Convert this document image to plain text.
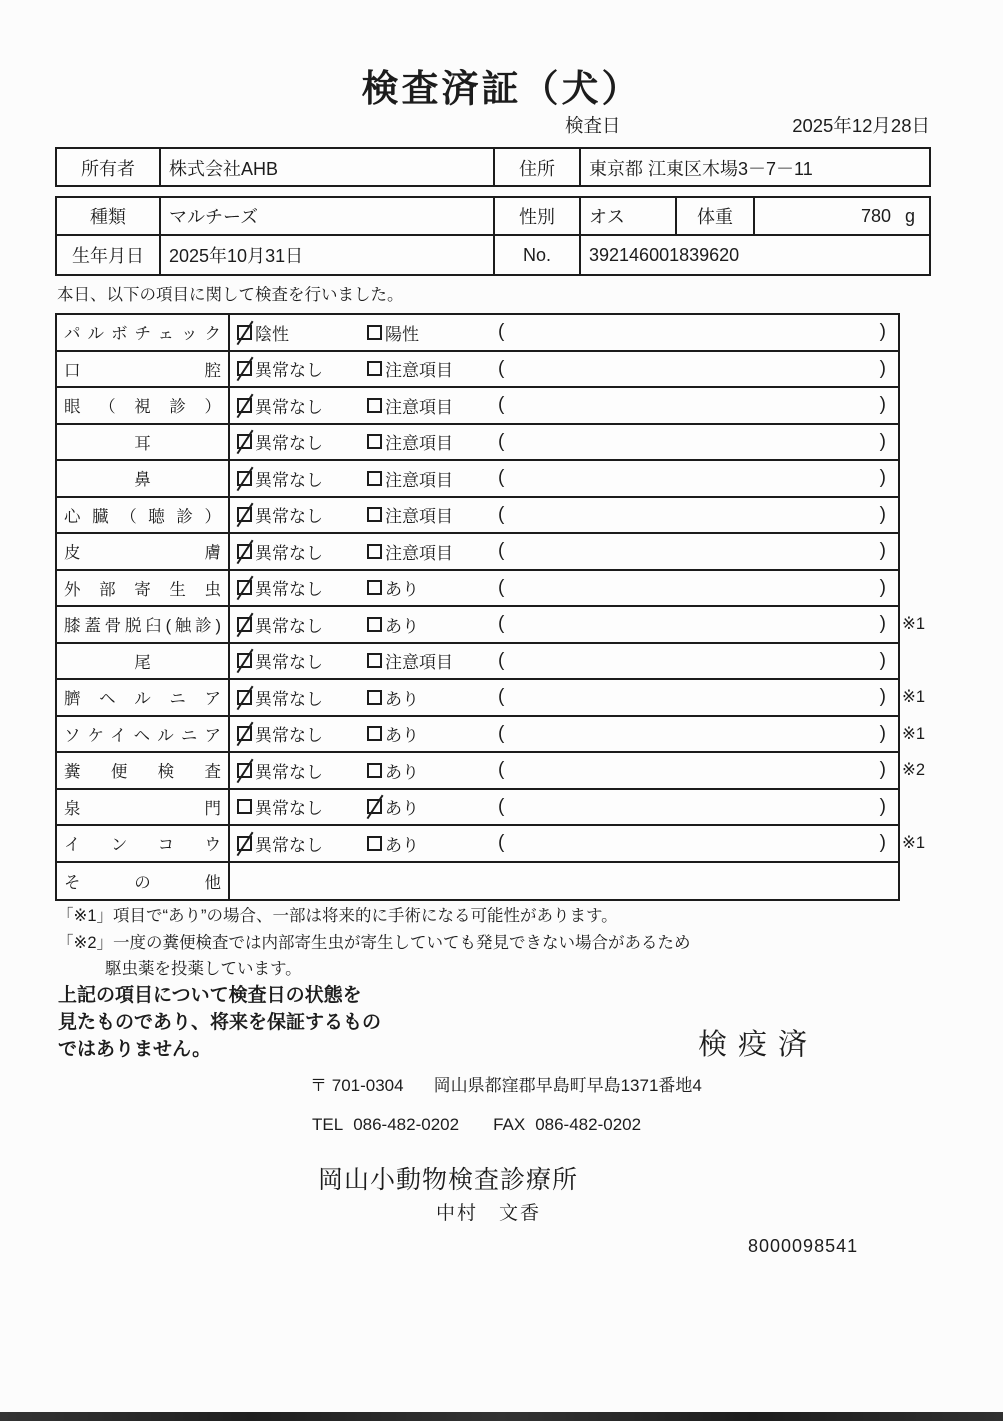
検査済証（犬）
検査日	2025年12月28日
所有者	株式会社AHB	住所	東京都 江東区木場3－7－11
種類	マルチーズ	性別	オス	体重	780 g
生年月日	2025年10月31日	No.	392146001839620
本日、以下の項目に関して検査を行いました。
パルボチェック 陰性	陽性	(	)
口腔 異常なし	注意項目 (	)
眼（視診） 異常なし	注意項目 (	)
耳	異常なし	注意項目 (	)
鼻	異常なし	注意項目 (	)
心臓（聴診） 異常なし	注意項目 (	)
皮膚 異常なし	注意項目 (	)
外部寄生虫 異常なし	あり	(	)
膝蓋骨脱臼(触診) 異常なし	あり	(	) ※1
尾	異常なし	注意項目 (	)
臍ヘルニア 異常なし	あり	(	) ※1
ソケイヘルニア 異常なし	あり	(	) ※1
糞便検査 異常なし	あり	(	) ※2
泉門 異常なし	あり	(	)
インコウ 異常なし	あり	(	) ※1
その他
「※1」項目で“あり”の場合、一部は将来的に手術になる可能性があります。
「※2」一度の糞便検査では内部寄生虫が寄生していても発見できない場合があるため
駆虫薬を投薬しています。
上記の項目について検査日の状態を
見たものであり、将来を保証するもの
ではありません。	検疫済
〒 701-0304 岡山県都窪郡早島町早島1371番地4
TEL 086-482-0202 FAX 086-482-0202
岡山小動物検査診療所
中村　文香
8000098541
